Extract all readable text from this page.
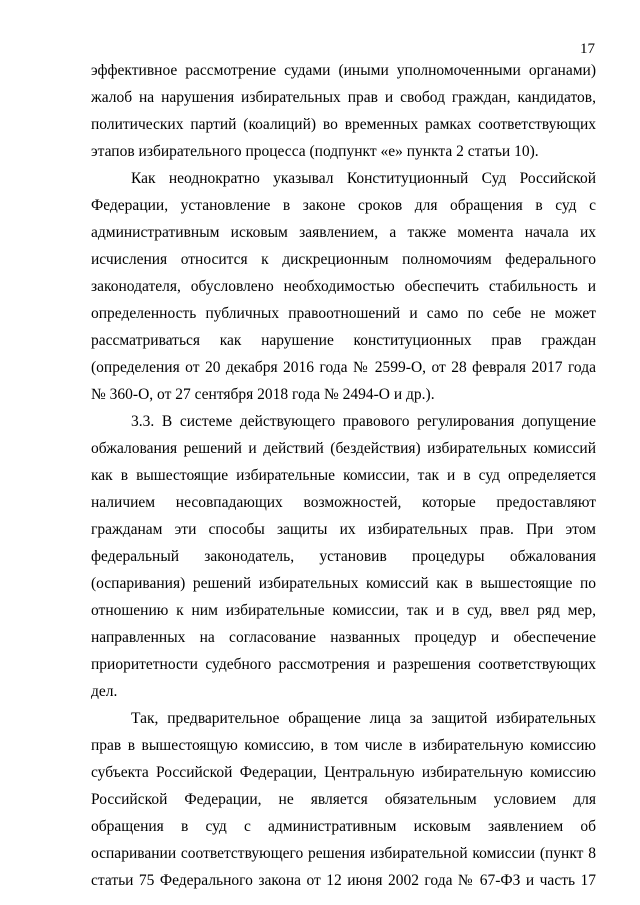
17
эффективное рассмотрение судами (иными уполномоченными органами)
жалоб на нарушения избирательных прав и свобод граждан, кандидатов,
политических партий (коалиций) во временных рамках соответствующих
этапов избирательного процесса (подпункт «е» пункта 2 статьи 10).
Как неоднократно указывал Конституционный Суд Российской
Федерации, установление в законе сроков для обращения в суд с
административным исковым заявлением, а также момента начала их
исчисления относится к дискреционным полномочиям федерального
законодателя, обусловлено необходимостью обеспечить стабильность и
определенность публичных правоотношений и само по себе не может
рассматриваться как нарушение конституционных прав граждан
(определения от 20 декабря 2016 года № 2599-О, от 28 февраля 2017 года
№ 360-О, от 27 сентября 2018 года № 2494-О и др.).
3.3. В системе действующего правового регулирования допущение
обжалования решений и действий (бездействия) избирательных комиссий
как в вышестоящие избирательные комиссии, так и в суд определяется
наличием несовпадающих возможностей, которые предоставляют
гражданам эти способы защиты их избирательных прав. При этом
федеральный законодатель, установив процедуры обжалования
(оспаривания) решений избирательных комиссий как в вышестоящие по
отношению к ним избирательные комиссии, так и в суд, ввел ряд мер,
направленных на согласование названных процедур и обеспечение
приоритетности судебного рассмотрения и разрешения соответствующих
дел.
Так, предварительное обращение лица за защитой избирательных
прав в вышестоящую комиссию, в том числе в избирательную комиссию
субъекта Российской Федерации, Центральную избирательную комиссию
Российской Федерации, не является обязательным условием для
обращения в суд с административным исковым заявлением об
оспаривании соответствующего решения избирательной комиссии (пункт 8
статьи 75 Федерального закона от 12 июня 2002 года № 67-ФЗ и часть 17
